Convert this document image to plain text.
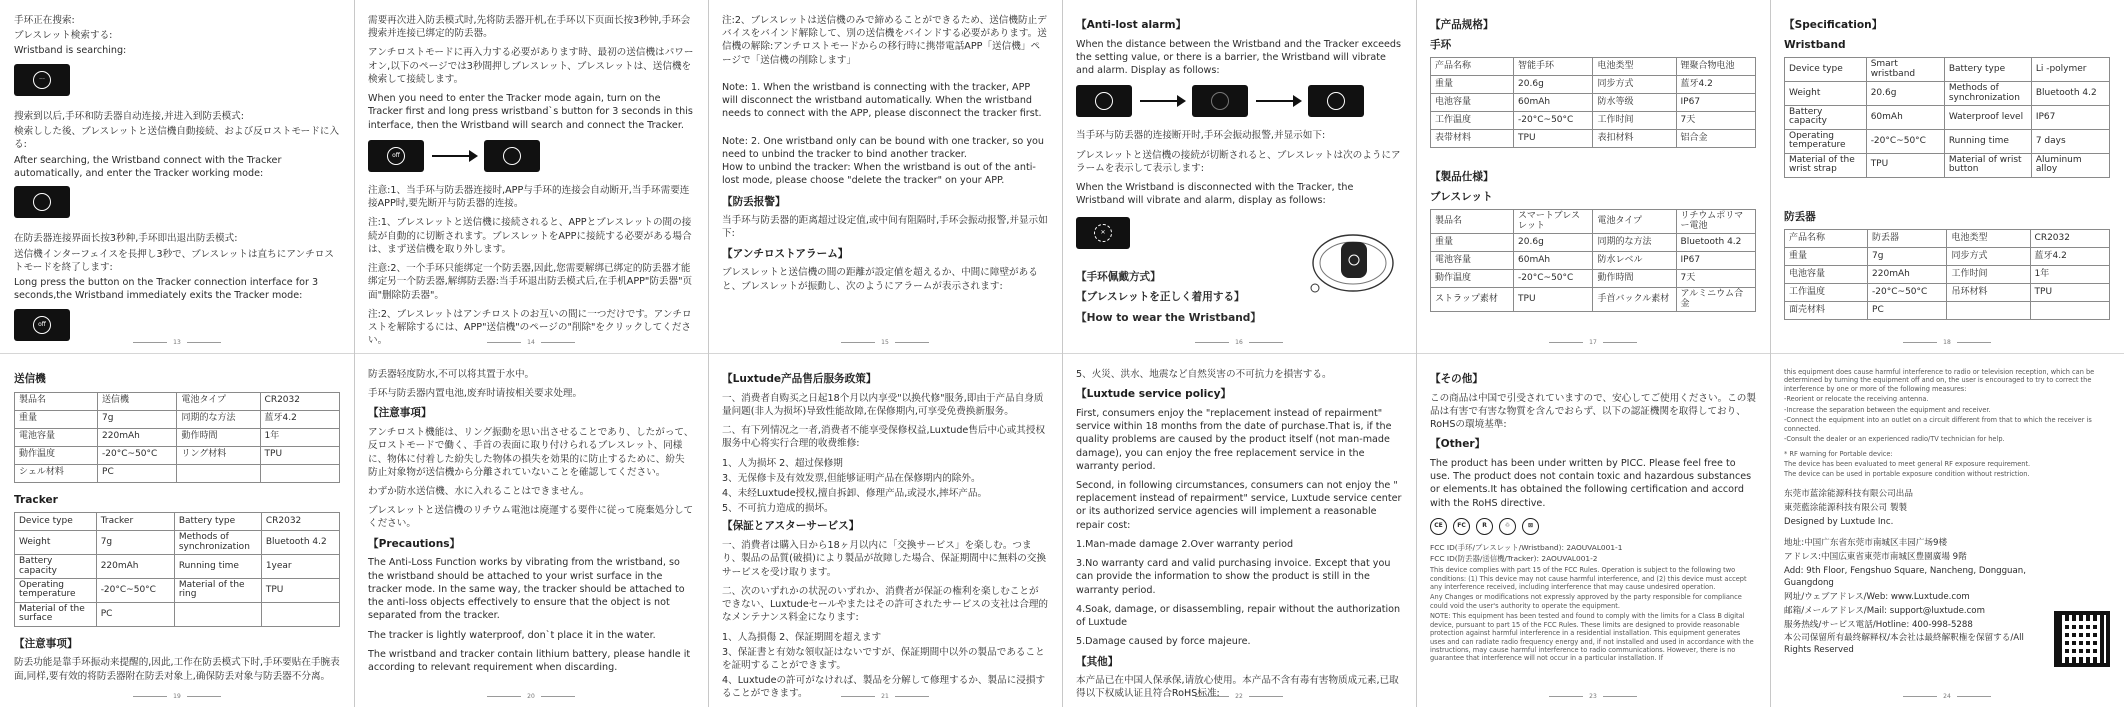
手环正在搜索:

ブレスレット検索する:

Wristband is searching:

···

搜索到以后,手环和防丢器自动连接,并进入到防丢模式:

検索しした後、ブレスレットと送信機自動接続、および反ロストモードに入る:

After searching, the Wristband connect with the Tracker automatically, and enter the Tracker working mode:

在防丢器连接界面长按3秒种,手环即出退出防丢模式:

送信機インターフェイスを長押し3秒で、ブレスレットは直ちにアンチロストモードを終了します:

Long press the button on the Tracker connection interface for 3 seconds,the Wristband immediately exits the Tracker mode:

off
13

需要再次进入防丢模式时,先将防丢器开机,在手环以下页面长按3秒钟,手环会搜索并连接已绑定的防丢器。

アンチロストモードに再入力する必要があります時、最初の送信機はパワーオン,以下のページでは3秒間押しブレスレット、ブレスレットは、送信機を検索して接続します。

When you need to enter the Tracker mode again, turn on the Tracker first and long press wristband`s button for 3 seconds in this interface, then the Wristband will search and connect the Tracker.

off

注意:1、当手环与防丢器连接时,APP与手环的连接会自动断开,当手环需要连接APP时,要先断开与防丢器的连接。

注:1、ブレスレットと送信機に接続されると、APPとブレスレットの間の接続が自動的に切断されます。ブレスレットをAPPに接続する必要がある場合は、まず送信機を取り外します。

注意:2、一个手环只能绑定一个防丢器,因此,您需要解绑已绑定的防丢器才能绑定另一个防丢器,解绑防丢器:当手环退出防丢模式后,在手机APP"防丢器"页面"删除防丢器"。

注:2、ブレスレットはアンチロストのお互いの間に一つだけです。アンチロストを解除するには、APP"送信機"のページの"削除"をクリックしてください。	14

注:2、ブレスレットは送信機のみで締めることができるため、送信機防止デバイスをバインド解除して、別の送信機をバインドする必要があります。送信機の解除:アンチロストモードからの移行時に携帯電話APP「送信機」ページで「送信機の削除します」

Note: 1. When the wristband is connecting with the tracker, APP will disconnect the wristband automatically. When the wristband needs to connect with the APP, please disconnect the tracker first.

Note: 2. One wristband only can be bound with one tracker, so you need to unbind the tracker to bind another tracker.

How to unbind the tracker: When the wristband is out of the anti-lost mode, please choose "delete the tracker" on your APP.

【防丢报警】

当手环与防丢器的距离超过设定值,或中间有阻隔时,手环会振动报警,并显示如下:

【アンチロストアラーム】

ブレスレットと送信機の間の距離が設定値を超えるか、中間に障壁があると、ブレスレットが振動し、次のようにアラームが表示されます:

15
【Anti-lost alarm】

When the distance between the Wristband and the Tracker exceeds the setting value, or there is a barrier, the Wristband will vibrate and alarm. Display as follows:

当手环与防丢器的连接断开时,手环会振动报警,并显示如下:

ブレスレットと送信機の接続が切断されると、ブレスレットは次のようにアラームを表示して表示します:

When the Wristband is disconnected with the Tracker, the Wristband will vibrate and alarm, display as follows:

✕
【手环佩戴方式】
【ブレスレットを正しく着用する】
【How to wear the Wristband】
16
【产品规格】
手环
产品名称	智能手环	电池类型	锂聚合物电池
重量	20.6g	同步方式	蓝牙4.2
电池容量	60mAh	防水等级	IP67
工作温度	-20°C~50°C	工作时间	7天
表带材料	TPU	表扣材料	铝合金
【製品仕様】
ブレスレット
製品名	スマートブレスレット	電池タイプ	リチウムポリマー電池
重量	20.6g	同期的な方法	Bluetooth 4.2
電池容量	60mAh	防水レベル	IP67
動作温度	-20°C~50°C	動作時間	7天
ストラップ素材	TPU	手首バックル素材	アルミニウム合金
17
【Specification】
Wristband
Device type	Smart wristband	Battery type	Li -polymer
Weight	20.6g	Methods of synchronization	Bluetooth 4.2
Battery capacity	60mAh	Waterproof level	IP67
Operating temperature	-20°C~50°C	Running time	7 days
Material of the wrist strap	TPU	Material of wrist button	Aluminum alloy
防丢器
产品名称	防丢器	电池类型	CR2032
重量	7g	同步方式	蓝牙4.2
电池容量	220mAh	工作时间	1年
工作温度	-20°C~50°C	吊环材料	TPU
面壳材料	PC		
18
送信機
製品名	送信機	電池タイプ	CR2032
重量	7g	同期的な方法	蓝牙4.2
電池容量	220mAh	動作時間	1年
動作温度	-20°C~50°C	リング材料	TPU
シェル材料	PC		
Tracker
Device type	Tracker	Battery type	CR2032
Weight	7g	Methods of synchronization	Bluetooth 4.2
Battery capacity	220mAh	Running time	1year
Operating temperature	-20°C~50°C	Material of the ring	TPU
Material of the surface	PC		
【注意事项】

防丢功能是靠手环振动来提醒的,因此,工作在防丢模式下时,手环要贴在手腕表面,同样,要有效的将防丢器附在防丢对象上,确保防丢对象与防丢器不分离。

19

防丢器轻度防水,不可以将其置于水中。

手环与防丢器内置电池,废弃时请按相关要求处理。

【注意事項】

アンチロスト機能は、リング振動を思い出させることであり、したがって、反ロストモードで働く、手首の表面に取り付けられるブレスレット、同様に、物体に付着した紛失した物体の損失を効果的に防止するために、紛失防止対象物が送信機から分離されていないことを確認してください。

わずか防水送信機、水に入れることはできません。

ブレスレットと送信機のリチウム電池は廃運する要件に従って廃棄処分してください。

【Precautions】

The Anti-Loss Function works by vibrating from the wristband, so the wristband should be attached to your wrist surface in the tracker mode. In the same way, the tracker should be attached to the anti-loss objects effectively to ensure that the object is not separated from the tracker.

The tracker is lightly waterproof, don`t place it in the water.

The wristband and tracker contain lithium battery, please handle it according to relevant requirement when discarding.

20
【Luxtude产品售后服务政策】

一、消费者自购买之日起18个月以内享受"以换代修"服务,即由于产品自身质量问题(非人为损坏)导致性能故障,在保修期内,可享受免费换新服务。

二、有下列情况之一者,消费者不能享受保修权益,Luxtude售后中心或其授权服务中心将实行合理的收费维修:

1、人为损坏 2、超过保修期

3、无保修卡及有效发票,但能够证明产品在保修期内的除外。

4、未经Luxtude授权,擅自拆卸、修理产品,或浸水,摔坏产品。

5、不可抗力造成的损坏。

【保証とアスターサービス】

一、消費者は購入日から18ヶ月以内に「交換サービス」を楽しむ。つまり、製品の品質(破損)により製品が故障した場合、保証期間中に無料の交換サービスを受け取ります。

二、次のいずれかの状況のいずれか、消費者が保証の権利を楽しむことができない、Luxtudeセールやまたはその許可されたサービスの支社は合理的なメンテナンス料金になります:

1、人為損傷 2、保証期間を超えます

3、保証書と有効な領収証はないですが、保証期間中以外の製品であることを証明することができます。

4、Luxtudeの許可がなければ、製品を分解して修理するか、製品に浸損することができます。	21

5、火災、洪水、地震など自然災害の不可抗力を損害する。

【Luxtude service policy】

First, consumers enjoy the "replacement instead of repairment" service within 18 months from the date of purchase.That is, if the quality problems are caused by the product itself (not man-made damage), you can enjoy the free replacement service in the warranty period.

Second, in following circumstances, consumers can not enjoy the " replacement instead of repairment" service, Luxtude service center or its authorized service agencies will implement a reasonable repair cost:

1.Man-made damage 2.Over warranty period

3.No warranty card and valid purchasing invoice. Except that you can provide the information to show the product is still in the warranty period.

4.Soak, damage, or disassembling, repair without the authorization of Luxtude

5.Damage caused by force majeure.

【其他】

本产品已在中国人保承保,请放心使用。本产品不含有毒有害物质成元素,已取得以下权威认证且符合RoHS标准:	22
【その他】

この商品は中国で引受されていますので、安心してご使用ください。この製品は有害で有害な物質を含んでおらず、以下の認証機関を取得しており、RoHSの環境基準:

【Other】

The product has been under written by PICC. Please feel free to use. The product does not contain toxic and hazardous substances or elements.It has obtained the following certification and accord with the RoHS directive.

CE	FC	R	♲	⊠

FCC ID(手环/ブレスレット/Wristband): 2AOUVAL001-1

FCC ID(防丢器/送信機/Tracker): 2AOUVAL001-2

This device complies with part 15 of the FCC Rules. Operation is subject to the following two conditions: (1) This device may not cause harmful interference, and (2) this device must accept any interference received, including interference that may cause undesired operation.

Any Changes or modifications not expressly approved by the party responsible for compliance could void the user's authority to operate the equipment.

NOTE: This equipment has been tested and found to comply with the limits for a Class B digital device, pursuant to part 15 of the FCC Rules. These limits are designed to provide reasonable protection against harmful interference in a residential installation. This equipment generates uses and can radiate radio frequency energy and, if not installed and used in accordance with the instructions, may cause harmful interference to radio communications. However, there is no guarantee that interference will not occur in a particular installation. If

23

this equipment does cause harmful interference to radio or television reception, which can be determined by turning the equipment off and on, the user is encouraged to try to correct the interference by one or more of the following measures:

-Reorient or relocate the receiving antenna.

-Increase the separation between the equipment and receiver.

-Connect the equipment into an outlet on a circuit different from that to which the receiver is connected.

-Consult the dealer or an experienced radio/TV technician for help.

* RF warning for Portable device:

The device has been evaluated to meet general RF exposure requirement.

The device can be used in portable exposure condition without restriction.

东莞市蓝涂能源科技有限公司出品

東莞藍涂能源科技有限公司 製製

Designed by Luxtude Inc.

地址:中国广东省东莞市南城区丰园广场9楼

アドレス:中国広東省東莞市南城区豊園廣場 9階

Add: 9th Floor, Fengshuo Square, Nancheng, Dongguan, Guangdong

网址/ウェブアドレス/Web: www.Luxtude.com

邮箱/メールアドレス/Mail: support@luxtude.com

服务热线/サービス電話/Hotline: 400-998-5288

本公司保留所有最终解释权/本会社は最終解釈権を保留する/All Rights Reserved

24
